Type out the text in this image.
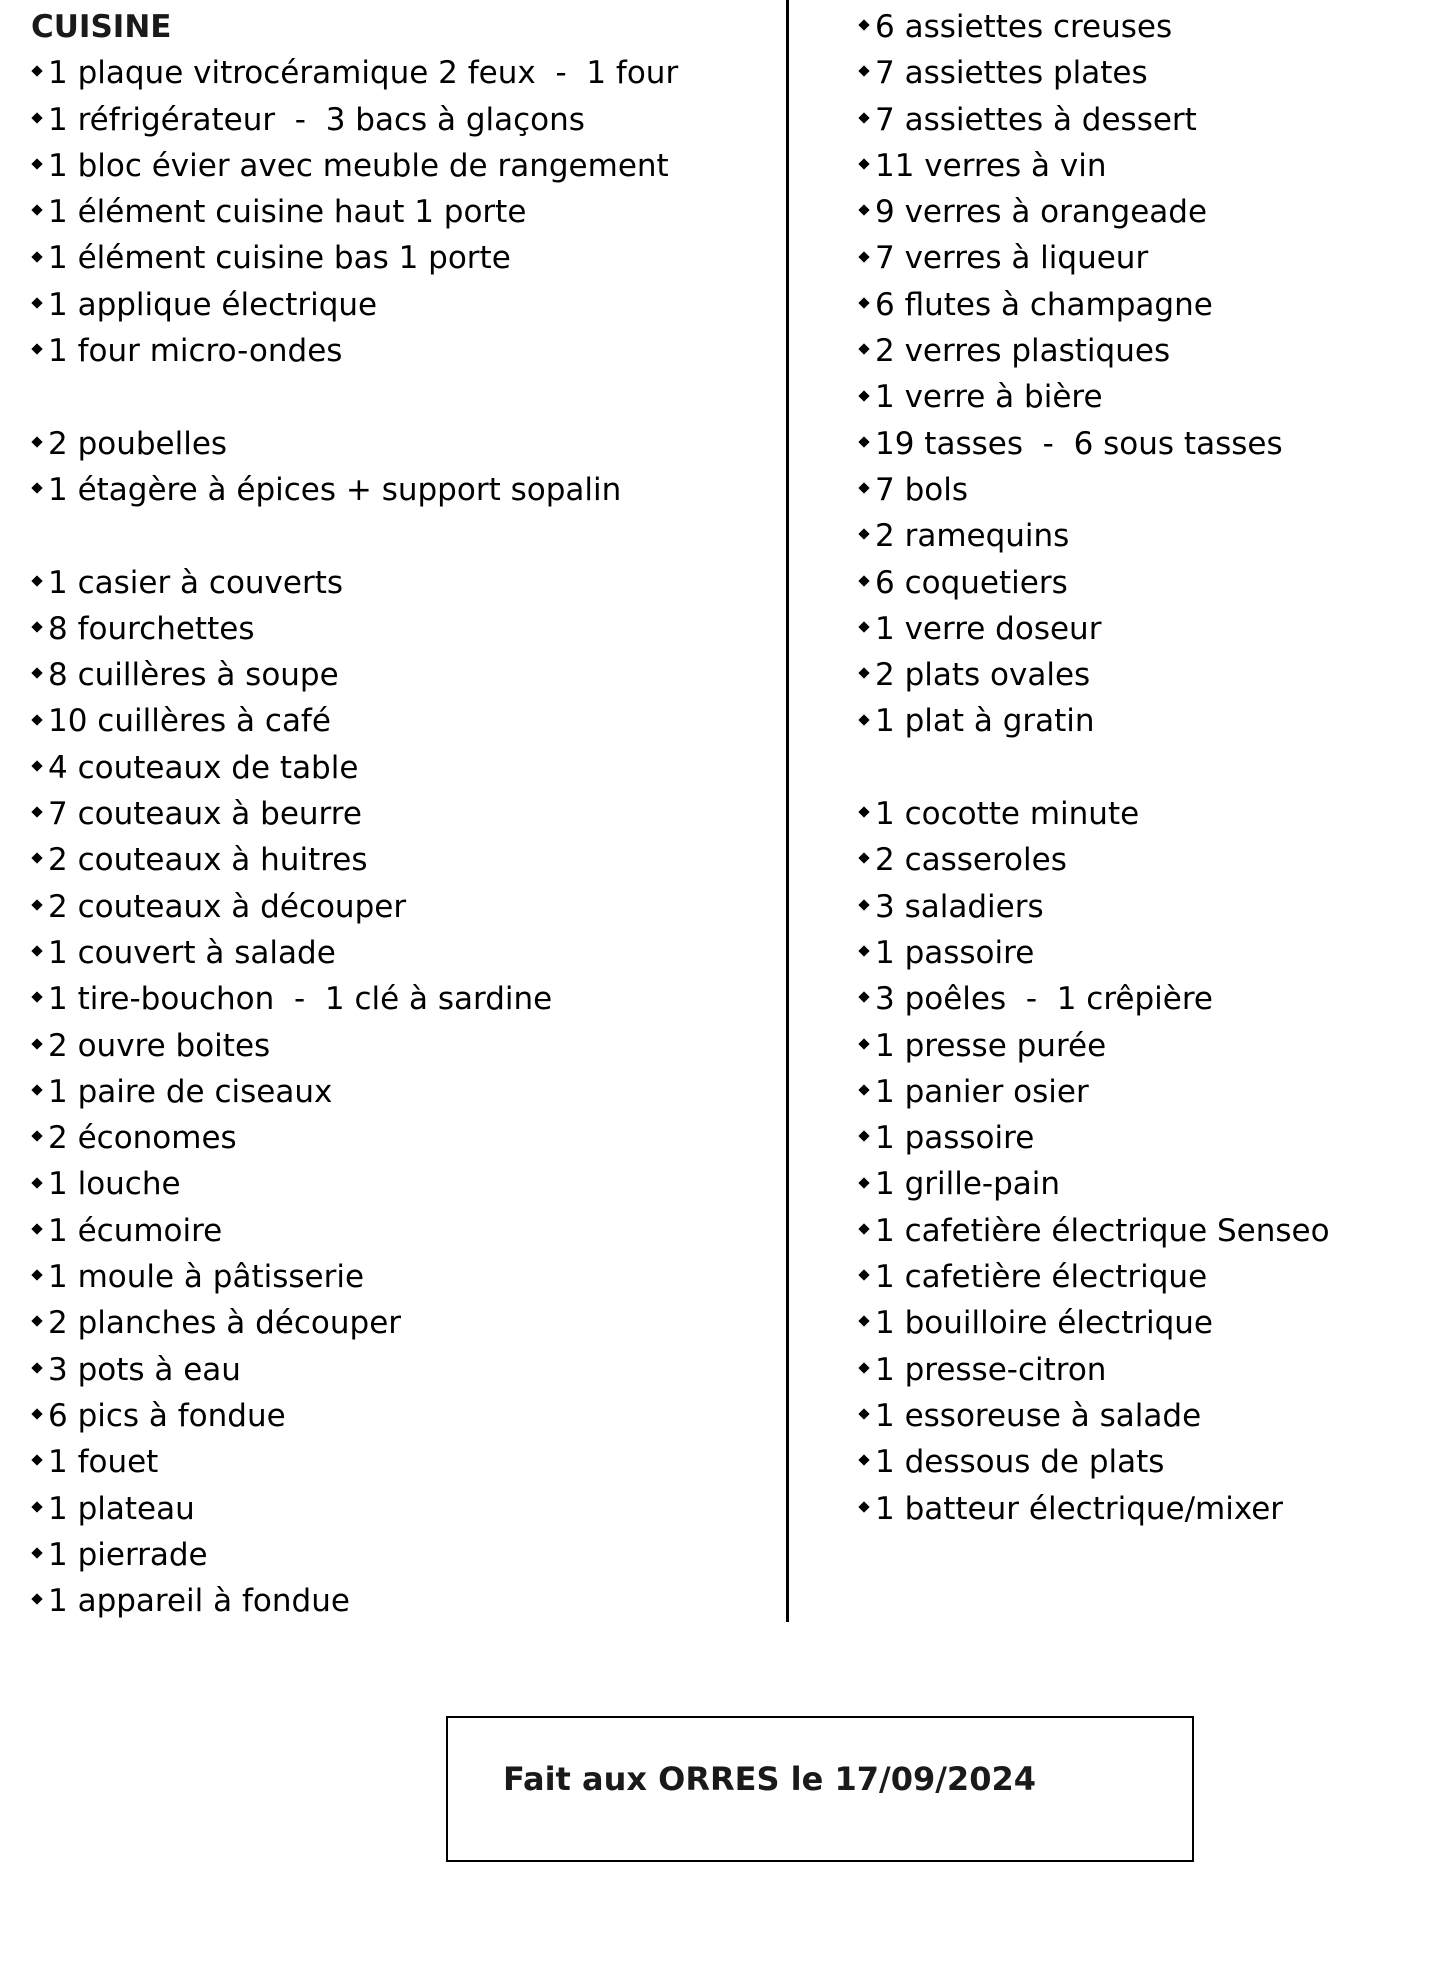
CUISINE
1 plaque vitrocéramique 2 feux  -  1 four
1 réfrigérateur  -  3 bacs à glaçons
1 bloc évier avec meuble de rangement
1 élément cuisine haut 1 porte
1 élément cuisine bas 1 porte
1 applique électrique
1 four micro-ondes
2 poubelles
1 étagère à épices + support sopalin
1 casier à couverts
8 fourchettes
8 cuillères à soupe
10 cuillères à café
4 couteaux de table
7 couteaux à beurre
2 couteaux à huitres
2 couteaux à découper
1 couvert à salade
1 tire-bouchon  -  1 clé à sardine
2 ouvre boites
1 paire de ciseaux
2 économes
1 louche
1 écumoire
1 moule à pâtisserie
2 planches à découper
3 pots à eau
6 pics à fondue
1 fouet
1 plateau
1 pierrade
1 appareil à fondue
6 assiettes creuses
7 assiettes plates
7 assiettes à dessert
11 verres à vin
9 verres à orangeade
7 verres à liqueur
6 flutes à champagne
2 verres plastiques
1 verre à bière
19 tasses  -  6 sous tasses
7 bols
2 ramequins
6 coquetiers
1 verre doseur
2 plats ovales
1 plat à gratin
1 cocotte minute
2 casseroles
3 saladiers
1 passoire
3 poêles  -  1 crêpière
1 presse purée
1 panier osier
1 passoire
1 grille-pain
1 cafetière électrique Senseo
1 cafetière électrique
1 bouilloire électrique
1 presse-citron
1 essoreuse à salade
1 dessous de plats
1 batteur électrique/mixer
Fait aux ORRES le 17/09/2024
